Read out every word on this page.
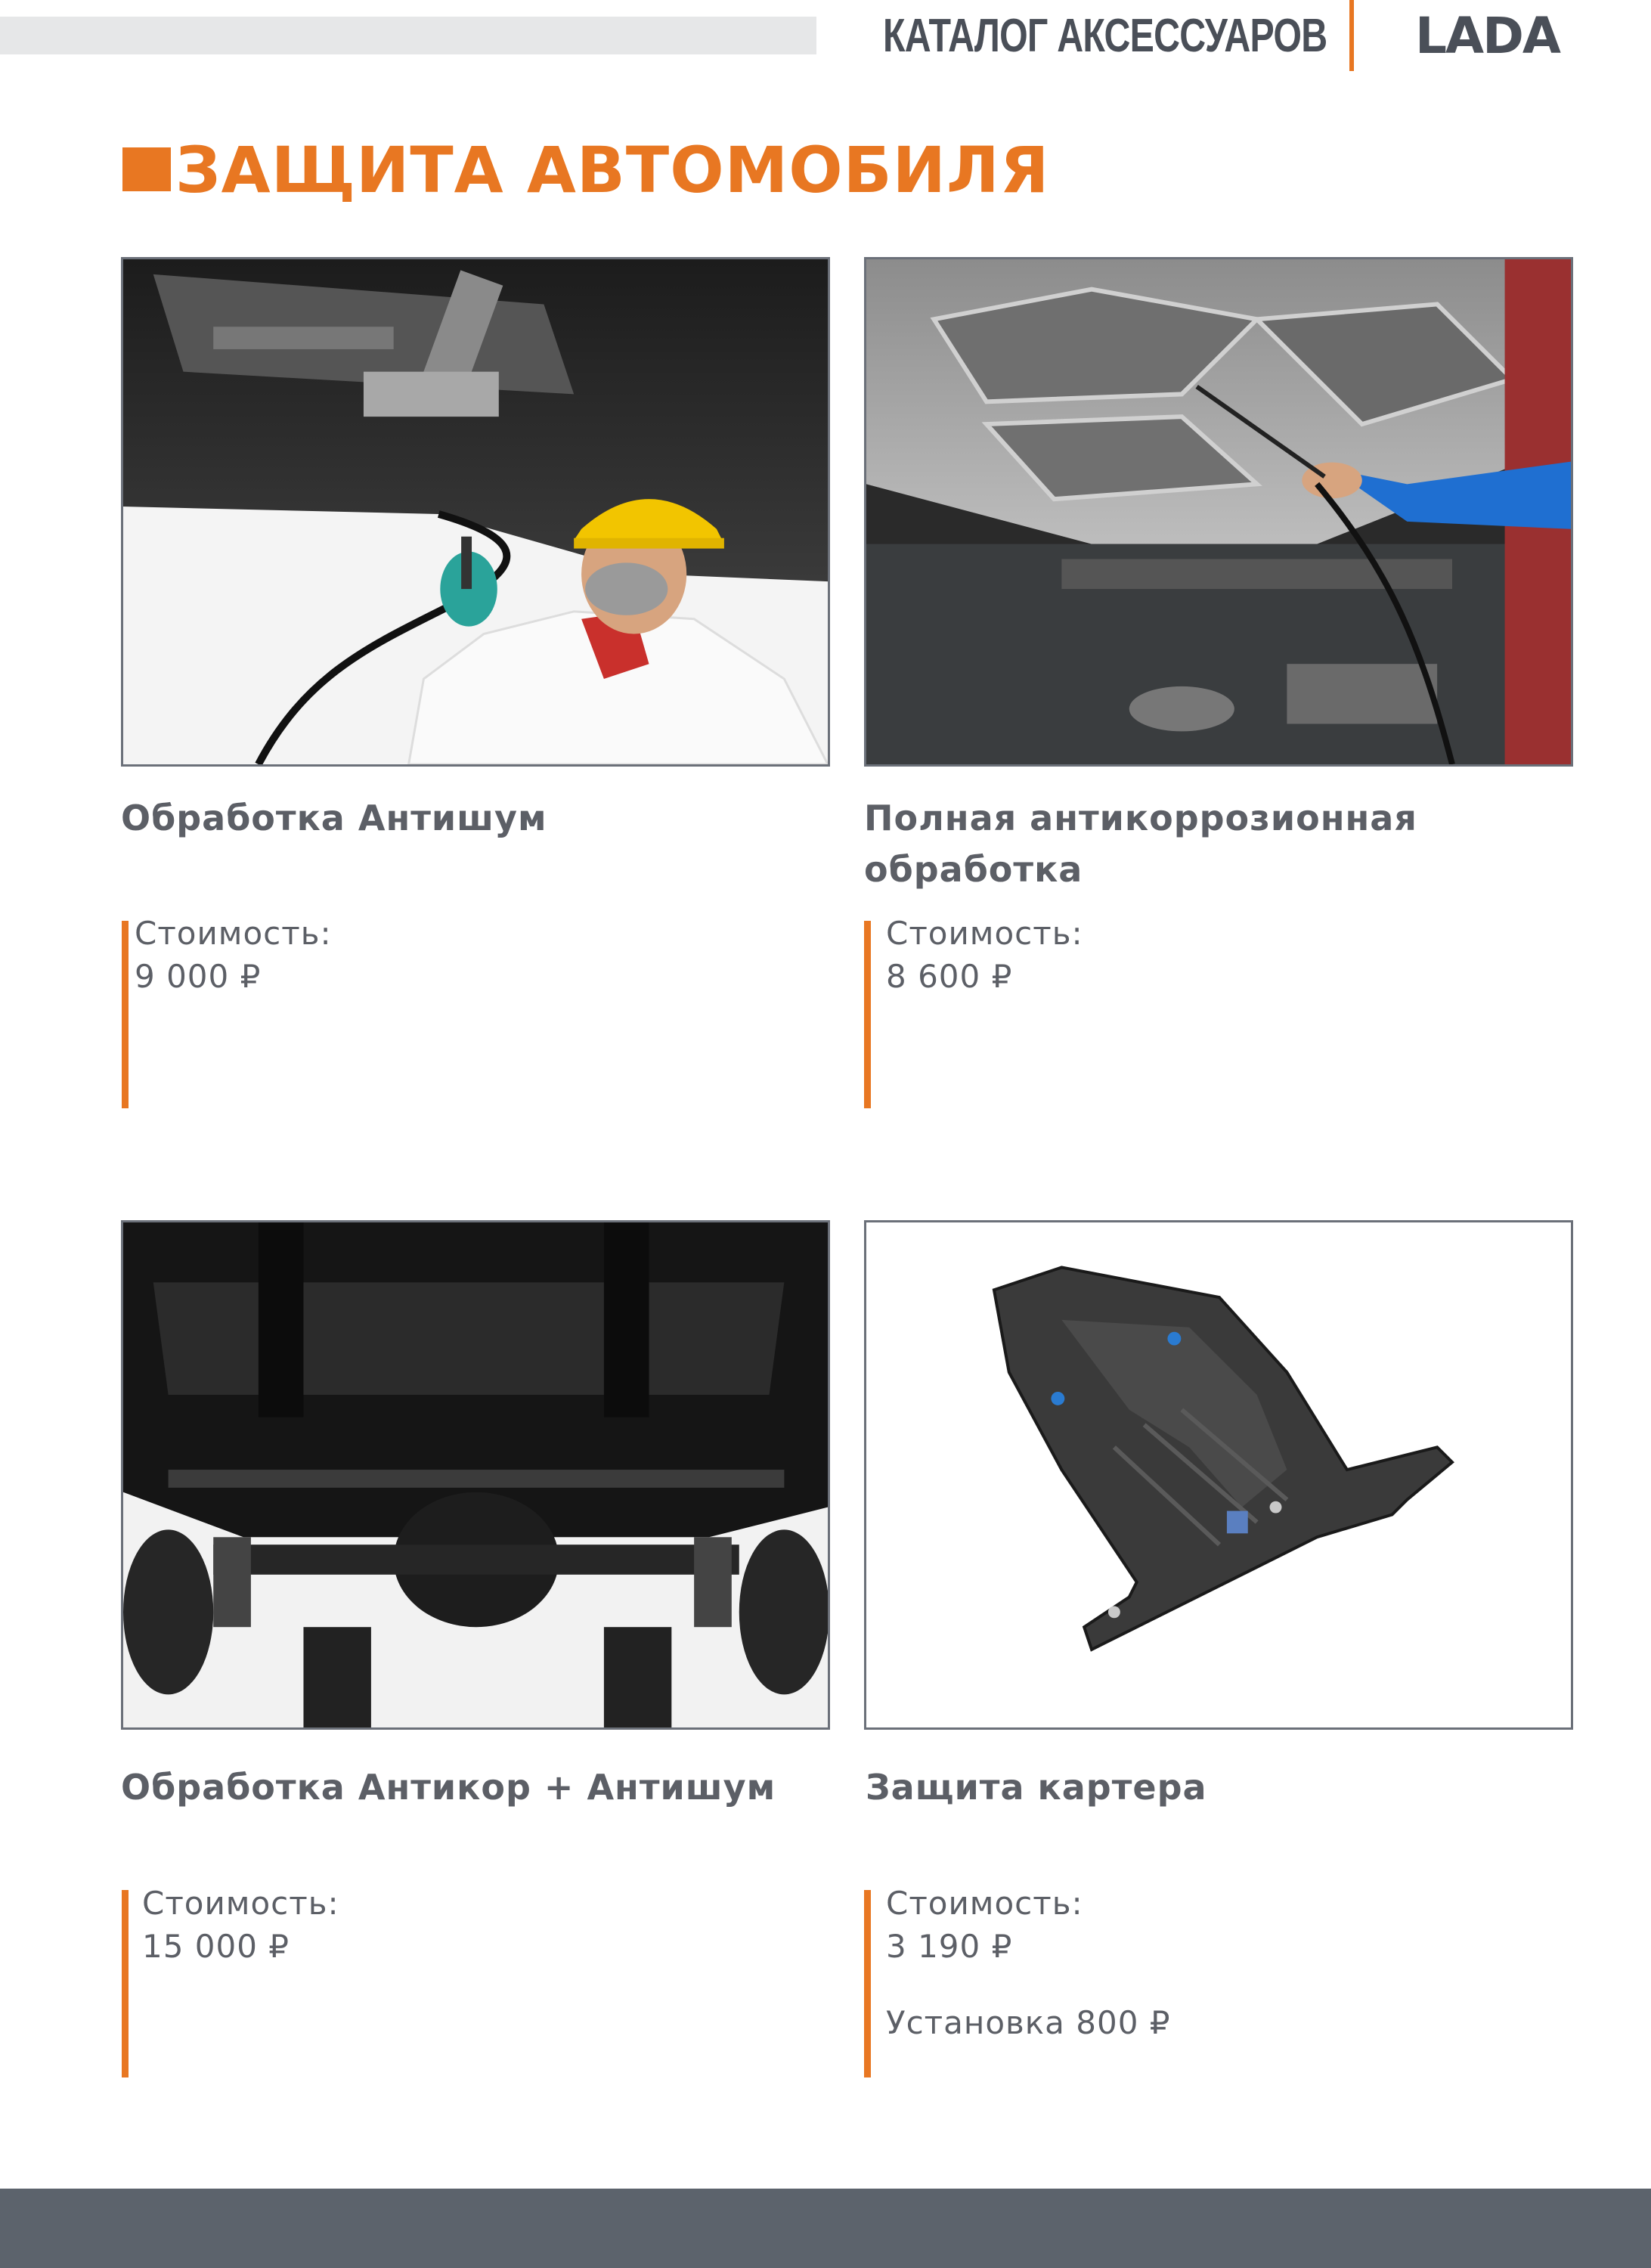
КАТАЛОГ АКСЕССУАРОВ LADA
ЗАЩИТА АВТОМОБИЛЯ
Обработка Антишум
Стоимость:
9 000 ₽
Полная антикоррозионная обработка
Стоимость:
8 600 ₽
Обработка Антикор + Антишум
Стоимость:
15 000 ₽
Защита картера
Стоимость:
3 190 ₽
Установка 800 ₽
